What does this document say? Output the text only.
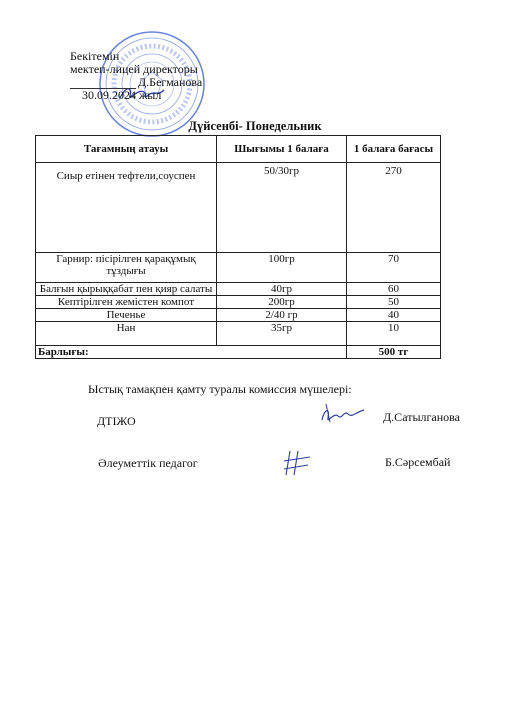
Бекітемін
мектеп-лицей директоры
Д.Бегманова
30.09.2024 жыл
Дүйсенбі- Понедельник
Тағамның атауы	Шығымы 1 балаға	1 балаға бағасы
Сиыр етінен тефтели,соуспен	50/30гр	270
Гарнир: пісірілген қарақұмық тұздығы	100гр	70
Балғын қырыққабат пен қияр салаты	40гр	60
Кептірілген жемістен компот	200гр	50
Печенье	2/40 гр	40
Нан	35гр	10
Барлығы:		500 тг
Ыстық тамақпен қамту туралы комиссия мүшелері:
ДТІЖО	Д.Сатылганова
Әлеуметтік педагог	Б.Сәрсембай
